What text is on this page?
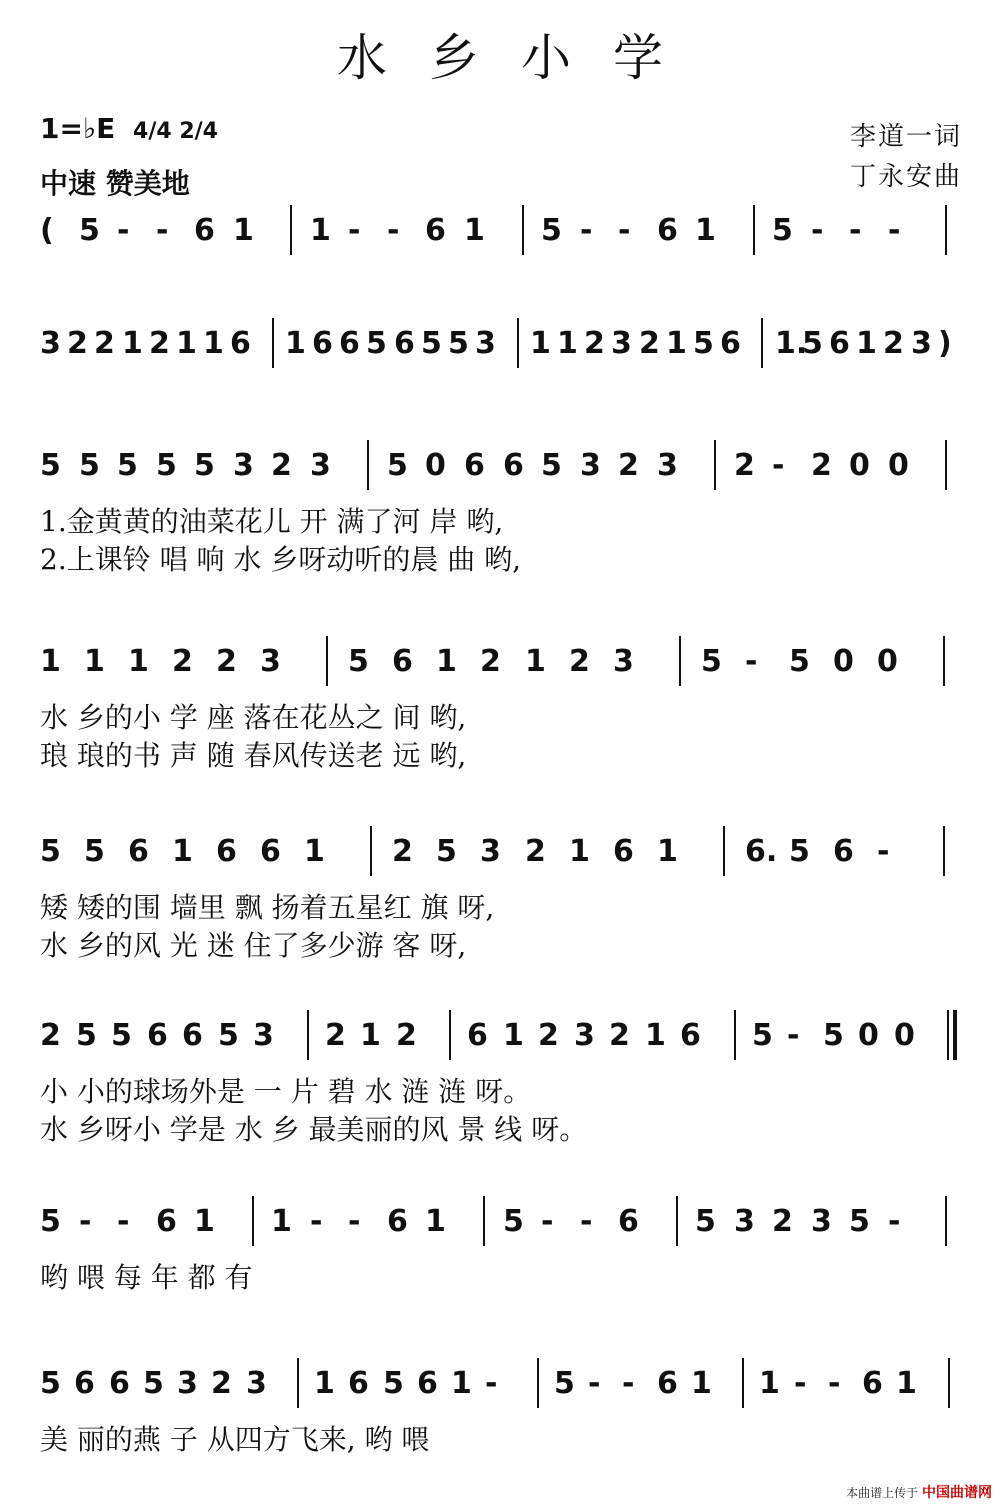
水乡小学
1=♭E 4/4 2/4
中速 赞美地
李道一词
丁永安曲
( 5 - - 6 1 1 - - 6 1 5 - - 6 1 5 - - -
3 2 2 1 2 1 1 6 1 6 6 5 6 5 5 3 1 1 2 3 2 1 5 6 1.
5 6 1 2 3 )
5 5 5 5 5 3 2 3 5 0 6 6 5 3 2 3 2 - 2 0 0
1.金黄黄的油菜花儿 开 满了河 岸 哟,
2.上课铃 唱 响 水 乡呀动听的晨 曲 哟,
1 1 1 2 2 3 5 6 1 2 1 2 3 5 - 5 0 0
水 乡的小 学 座 落在花丛之 间 哟,
琅 琅的书 声 随 春风传送老 远 哟,
5 5 6 1 6 6 1 2 5 3 2 1 6 1 6. 5 6 -
矮 矮的围 墙里 飘 扬着五星红 旗 呀,
水 乡的风 光 迷 住了多少游 客 呀,
2 5 5 6 6 5 3 2 1 2 6 1 2 3 2 1 6 5 - 5 0 0
小 小的球场外是 一 片 碧 水 涟 涟 呀。
水 乡呀小 学是 水 乡 最美丽的风 景 线 呀。
5 - - 6 1 1 - - 6 1 5 - - 6 5 3 2 3 5 -
哟 喂 每 年 都 有
5 6 6 5 3 2 3 1 6 5 6 1 - 5 - - 6 1 1 - - 6 1
美 丽的燕 子 从四方飞来, 哟 喂
本曲谱上传于 中国曲谱网
